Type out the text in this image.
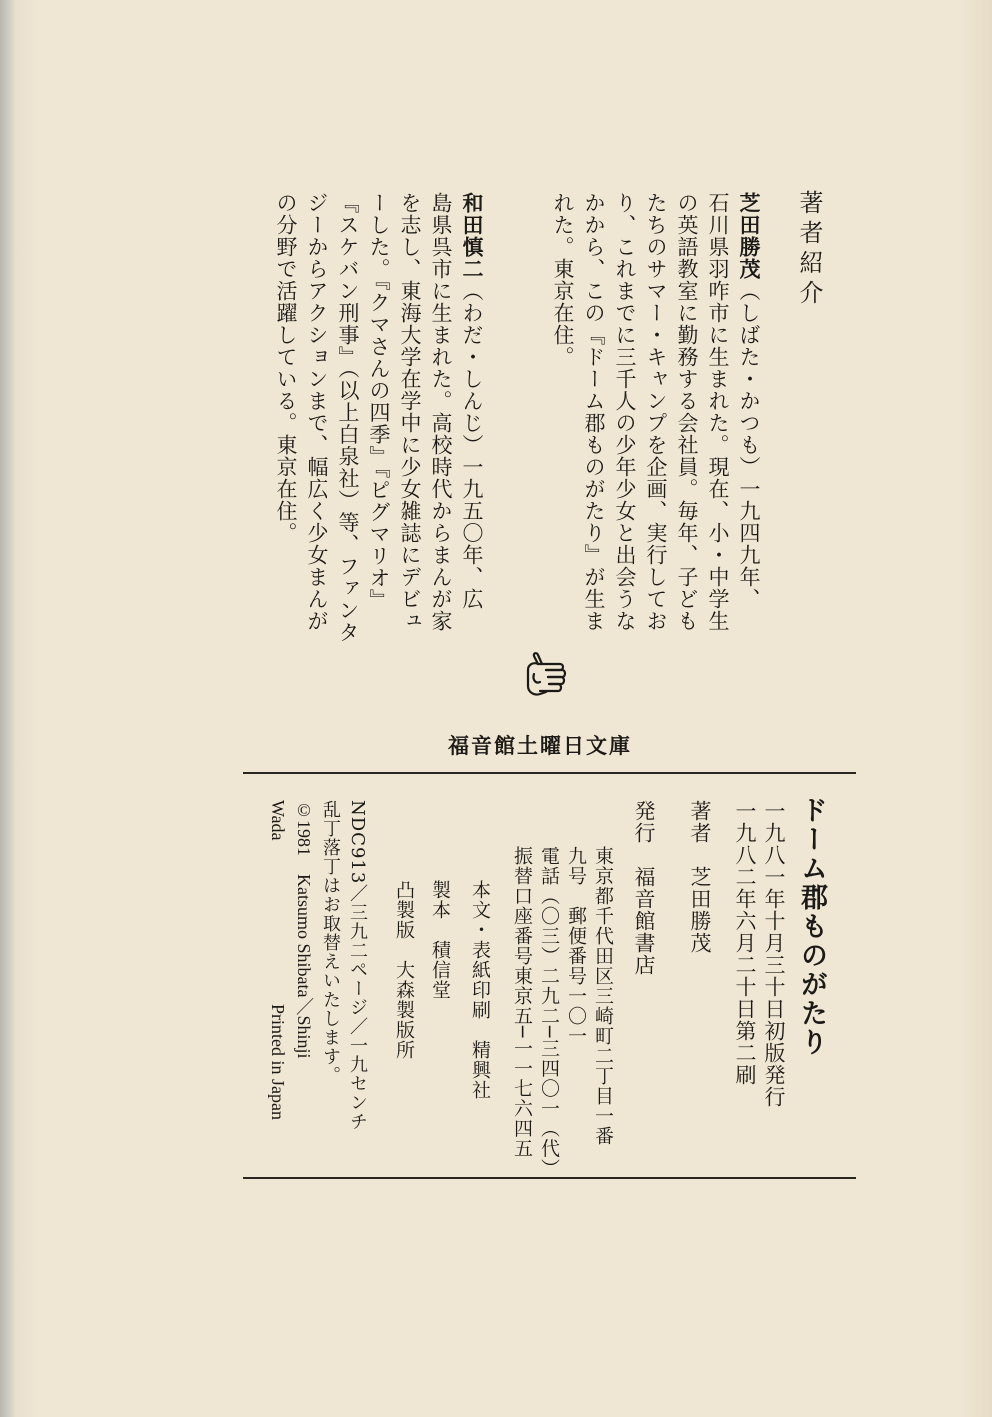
著者紹介
芝田勝茂（しばた・かつも）一九四九年、
石川県羽咋市に生まれた。現在、小・中学生
の英語教室に勤務する会社員。毎年、子ども
たちのサマー・キャンプを企画、実行してお
り、これまでに三千人の少年少女と出会うな
かから、この『ドーム郡ものがたり』が生ま
れた。東京在住。
和田慎二（わだ・しんじ）一九五〇年、広
島県呉市に生まれた。高校時代からまんが家
を志し、東海大学在学中に少女雑誌にデビュ
ーした。『クマさんの四季』『ピグマリオ』
『スケバン刑事』（以上白泉社）等、ファンタ
ジーからアクションまで、幅広く少女まんが
の分野で活躍している。東京在住。
福音館土曜日文庫
ドーム郡ものがたり
一九八一年十月三十日初版発行
一九八二年六月二十日第二刷
著者芝田勝茂
発行福音館書店
東京都千代田区三崎町二丁目一番
九号　郵便番号一〇一
電話（〇三）二九二─三四〇一（代）
振替口座番号東京五─一一七六四五
本文・表紙印刷　精興社
製本　積信堂
凸製版　大森製版所
NDC913／三九二ページ／一九センチ
乱丁落丁はお取替えいたします。
©1981　Katsumo Shibata／Shinji
Wada
Printed in Japan
